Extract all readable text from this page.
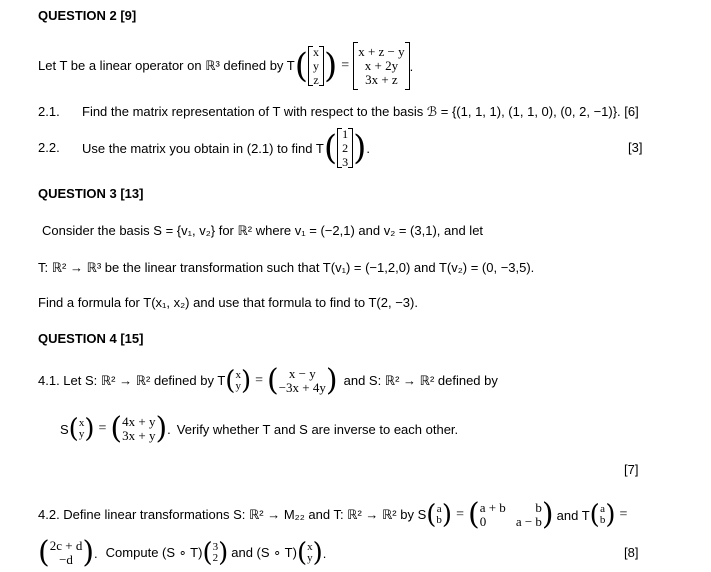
QUESTION 2 [9]
Let T be a linear operator on ℝ³ defined by T ( x
y
z ) =
x + z − y
x + 2y
3x + z
.
2.1. Find the matrix representation of T with respect to the basis ℬ = {(1, 1, 1), (1, 1, 0), (0, 2, −1)}. [6]
2.2. Use the matrix you obtain in (2.1) to find T ( 1
2
3 ) .	[3]
QUESTION 3 [13]
Consider the basis S = {v₁, v₂} for ℝ² where v₁ = (−2,1) and v₂ = (3,1), and let
T: ℝ² → ℝ³ be the linear transformation such that T(v₁) = (−1,2,0) and T(v₂) = (0, −3,5).
Find a formula for T(x₁, x₂) and use that formula to find to T(2, −3).
QUESTION 4 [15]
4.1. Let S: ℝ² → ℝ² defined by T ( x
y ) = ( x − y
−3x + 4y ) and S: ℝ² → ℝ² defined by
S ( x
y ) = ( 4x + y
3x + y ) . Verify whether T and S are inverse to each other.
[7]
4.2. Define linear transformations S: ℝ² → M₂₂ and T: ℝ² → ℝ² by S ( a
b ) = ( a + b	b
0	a − b ) and T ( a
b ) =
( 2c + d
−d ) . Compute (S ∘ T) ( 3
2 ) and (S ∘ T) ( x
y ) .	[8]
